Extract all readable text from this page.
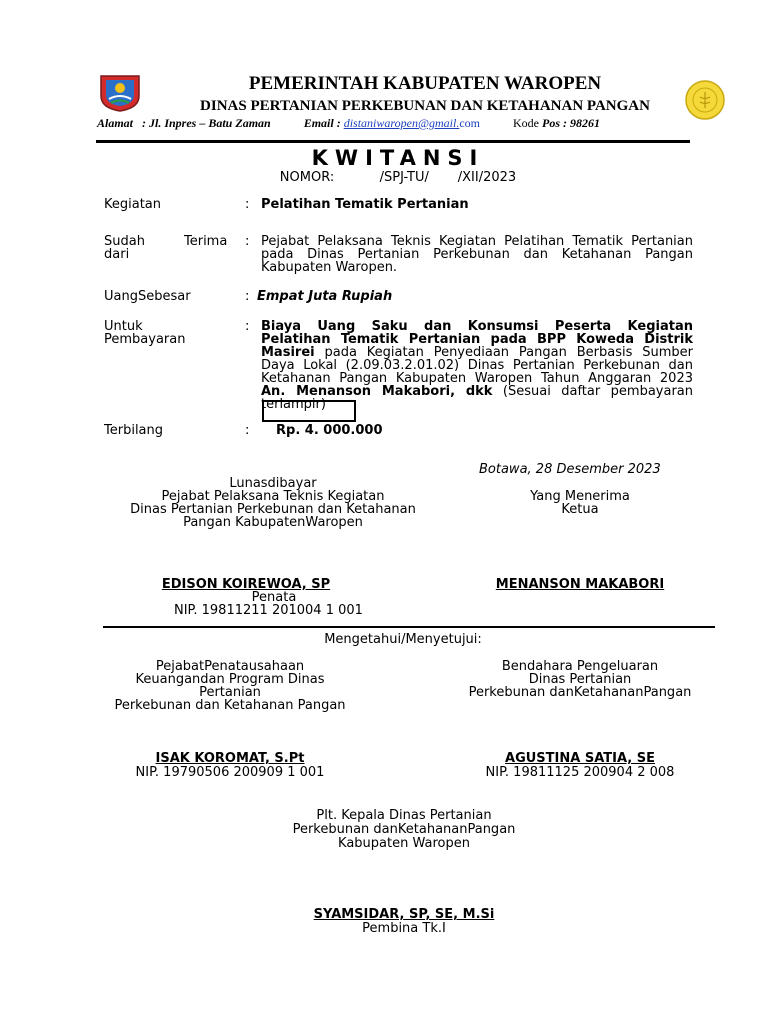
PEMERINTAH KABUPATEN WAROPEN
DINAS PERTANIAN PERKEBUNAN DAN KETAHANAN PANGAN
Alamat   : Jl. Inpres – Batu Zaman	Email : distaniwaropen@gmail.com	Kode Pos : 98261
KWITANSI
NOMOR:           /SPJ-TU/       /XII/2023
Kegiatan	: Pelatihan Tematik Pertanian
Sudah	Terima
dari
: Pejabat Pelaksana Teknis Kegiatan Pelatihan Tematik Pertanian pada Dinas Pertanian Perkebunan dan Ketahanan Pangan Kabupaten Waropen.
UangSebesar	: Empat Juta Rupiah
Untuk Pembayaran
: Biaya Uang Saku dan Konsumsi Peserta Kegiatan Pelatihan Tematik Pertanian pada BPP Koweda Distrik Masirei pada Kegiatan Penyediaan Pangan Berbasis Sumber Daya Lokal (2.09.03.2.01.02) Dinas Pertanian Perkebunan dan Ketahanan Pangan Kabupaten Waropen Tahun Anggaran 2023 An. Menanson Makabori, dkk (Sesuai daftar pembayaran terlampir)
Terbilang	:	Rp. 4. 000.000
Botawa, 28 Desember 2023
Lunasdibayar
Pejabat Pelaksana Teknis Kegiatan
Dinas Pertanian Perkebunan dan Ketahanan
Pangan KabupatenWaropen
Yang Menerima
Ketua
EDISON KOIREWOA, SP
Penata
NIP. 19811211 201004 1 001
MENANSON MAKABORI
Mengetahui/Menyetujui:
PejabatPenatausahaan
Keuangandan Program Dinas
Pertanian
Perkebunan dan Ketahanan Pangan
Bendahara Pengeluaran
Dinas Pertanian
Perkebunan danKetahananPangan
ISAK KOROMAT, S.Pt
NIP. 19790506 200909 1 001
AGUSTINA SATIA, SE
NIP. 19811125 200904 2 008
Plt. Kepala Dinas Pertanian
Perkebunan danKetahananPangan
Kabupaten Waropen
SYAMSIDAR, SP, SE, M.Si
Pembina Tk.I
